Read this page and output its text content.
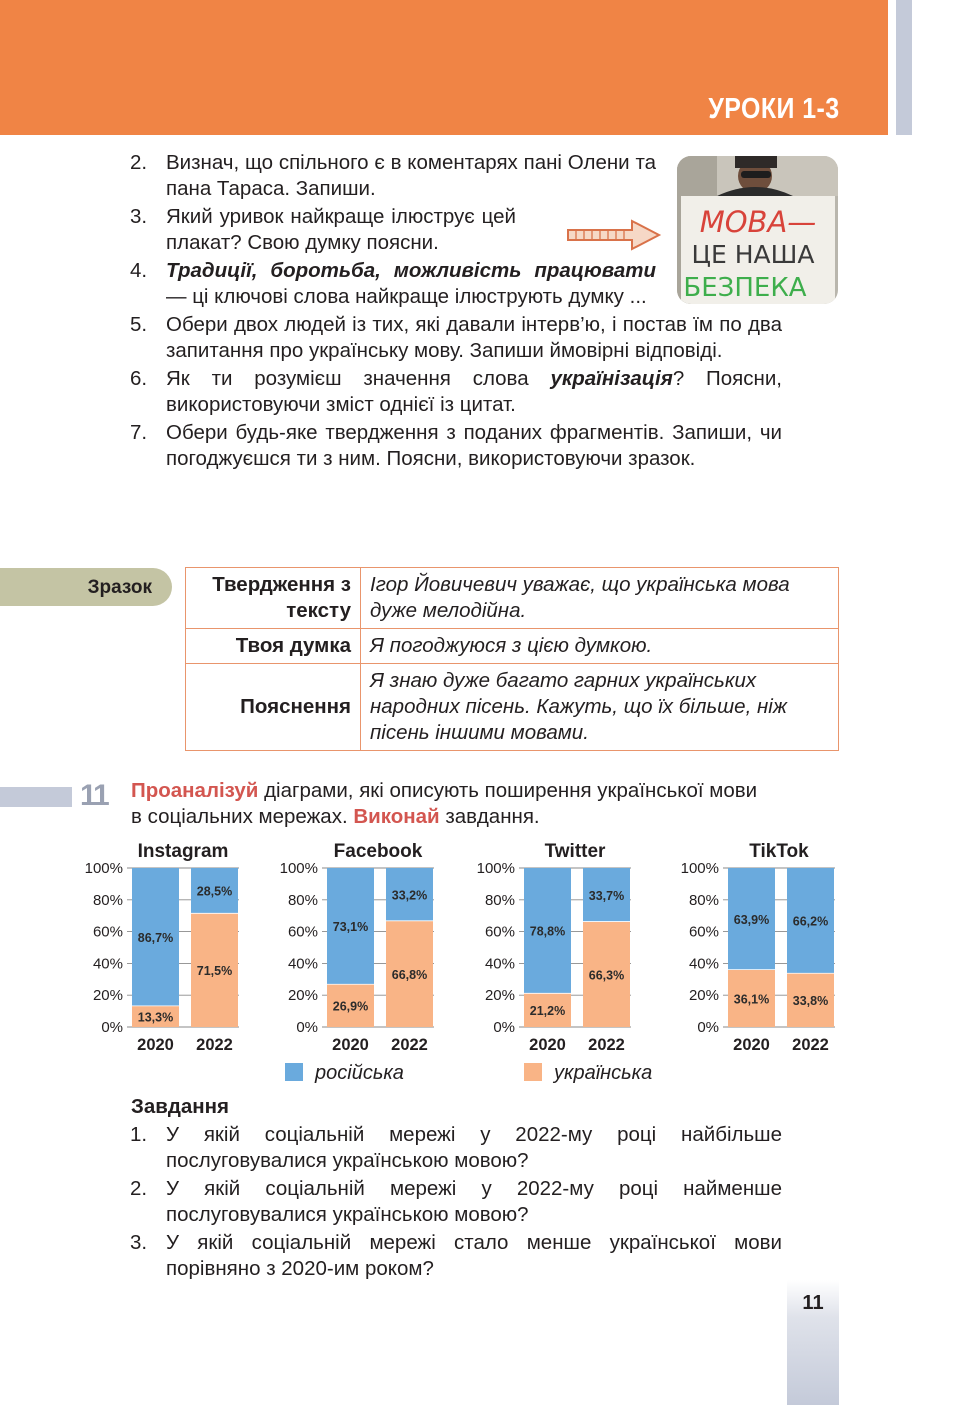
УРОКИ 1-3
2. Визнач, що спільного є в коментарях пані Олени та пана Тараса. Запиши.
3. Який уривок найкраще ілюструє цей плакат? Свою думку поясни.
4. Традиції, боротьба, можливість працювати — ці ключові слова найкраще ілюструють думку ...
5. Обери двох людей із тих, які давали інтерв’ю, і постав їм по два запитання про українську мову. Запиши ймовірні відповіді.
6. Як ти розумієш значення слова українізація? Поясни, використовуючи зміст однієї із цитат.
7. Обери будь-яке твердження з поданих фрагментів. Запиши, чи погоджуєшся ти з ним. Поясни, використовуючи зразок.
МОВА—
ЦЕ НАША
БЕЗПЕКА
Зразок	Твердження з тексту	Ігор Йовичевич уважає, що українська мова дуже мелодійна.
Твоя думка	Я погоджуюся з цією думкою.
Пояснення	Я знаю дуже багато гарних українських народних пісень. Кажуть, що їх більше, ніж пісень іншими мовами.
11 Проаналізуй діаграми, які описують поширення української мови в соціальних мережах. Виконай завдання.
Instagram
0%
20%
40%
60%
80%
100%
13,3%
86,7%
2020
71,5%
28,5%
2022
Facebook
0%
20%
40%
60%
80%
100%
26,9%
73,1%
2020
66,8%
33,2%
2022
Twitter
0%
20%
40%
60%
80%
100%
21,2%
78,8%
2020
66,3%
33,7%
2022
TikTok
0%
20%
40%
60%
80%
100%
36,1%
63,9%
2020
33,8%
66,2%
2022
російська	українська
Завдання
1. У якій соціальній мережі у 2022-му році найбільше послуговувалися українською мовою?
2. У якій соціальній мережі у 2022-му році найменше послуговувалися українською мовою?
3. У якій соціальній мережі стало менше української мови порівняно з 2020-им роком?
11
